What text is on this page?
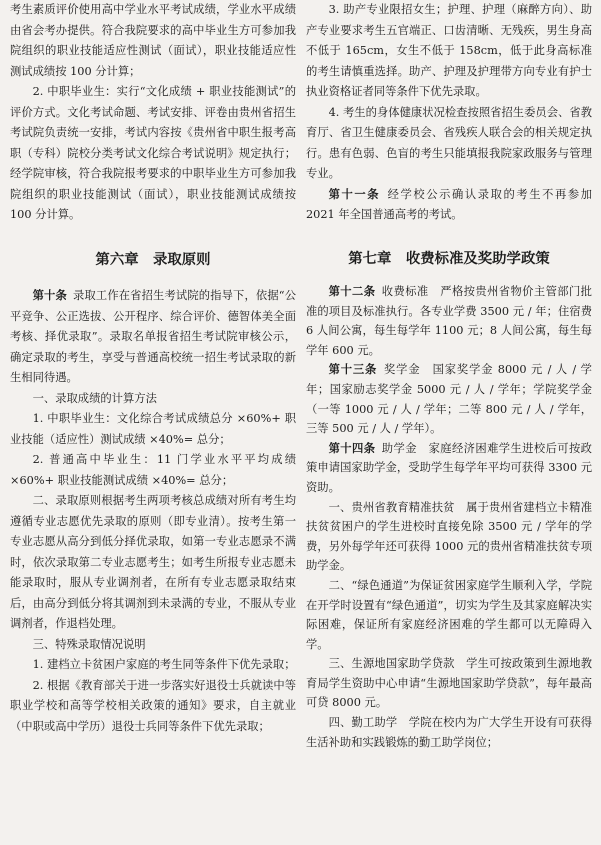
考生素质评价使用高中学业水平考试成绩，学业水平成绩由省会考办提供。符合我院要求的高中毕业生方可参加我院组织的职业技能适应性测试（面试），职业技能适应性测试成绩按 100 分计算；

2. 中职毕业生：实行“文化成绩 + 职业技能测试”的评价方式。文化考试命题、考试安排、评卷由贵州省招生考试院负责统一安排，考试内容按《贵州省中职生报考高职（专科）院校分类考试文化综合考试说明》规定执行；经学院审核，符合我院报考要求的中职毕业生方可参加我院组织的职业技能测试（面试），职业技能测试成绩按 100 分计算。

第六章　录取原则

第十条 录取工作在省招生考试院的指导下，依据“公平竞争、公正选拔、公开程序、综合评价、德智体美全面考核、择优录取”。录取名单报省招生考试院审核公示，确定录取的考生，享受与普通高校统一招生考试录取的新生相同待遇。

一、录取成绩的计算方法

1. 中职毕业生：文化综合考试成绩总分 ×60%+ 职业技能（适应性）测试成绩 ×40%= 总分；

2. 普通高中毕业生：11 门学业水平平均成绩 ×60%+ 职业技能测试成绩 ×40%= 总分；

二、录取原则根据考生两项考核总成绩对所有考生均遵循专业志愿优先录取的原则（即专业清）。按考生第一专业志愿从高分到低分择优录取，如第一专业志愿录不满时，依次录取第二专业志愿考生；如考生所报专业志愿未能录取时，服从专业调剂者，在所有专业志愿录取结束后，由高分到低分将其调剂到未录满的专业，不服从专业调剂者，作退档处理。

三、特殊录取情况说明

1. 建档立卡贫困户家庭的考生同等条件下优先录取；

2. 根据《教育部关于进一步落实好退役士兵就读中等职业学校和高等学校相关政策的通知》要求，自主就业（中职或高中学历）退役士兵同等条件下优先录取；

3. 助产专业限招女生；护理、护理（麻醉方向）、助产专业要求考生五官端正、口齿清晰、无残疾，男生身高不低于 165cm，女生不低于 158cm，低于此身高标准的考生请慎重选择。助产、护理及护理带方向专业有护士执业资格证者同等条件下优先录取。

4. 考生的身体健康状况检查按照省招生委员会、省教育厅、省卫生健康委员会、省残疾人联合会的相关规定执行。患有色弱、色盲的考生只能填报我院家政服务与管理专业。

第十一条 经学校公示确认录取的考生不再参加 2021 年全国普通高考的考试。

第七章　收费标准及奖助学政策

第十二条 收费标准　严格按贵州省物价主管部门批准的项目及标准执行。各专业学费 3500 元 / 年；住宿费 6 人间公寓，每生每学年 1100 元；8 人间公寓，每生每学年 600 元。

第十三条 奖学金　国家奖学金 8000 元 / 人 / 学年；国家励志奖学金 5000 元 / 人 / 学年；学院奖学金（一等 1000 元 / 人 / 学年；二等 800 元 / 人 / 学年，三等 500 元 / 人 / 学年）。

第十四条 助学金　家庭经济困难学生进校后可按政策申请国家助学金，受助学生每学年平均可获得 3300 元资助。

一、贵州省教育精准扶贫　属于贵州省建档立卡精准扶贫贫困户的学生进校时直接免除 3500 元 / 学年的学费，另外每学年还可获得 1000 元的贵州省精准扶贫专项助学金。

二、“绿色通道”为保证贫困家庭学生顺利入学，学院在开学时设置有“绿色通道”，切实为学生及其家庭解决实际困难，保证所有家庭经济困难的学生都可以无障碍入学。

三、生源地国家助学贷款　学生可按政策到生源地教育局学生资助中心申请“生源地国家助学贷款”，每年最高可贷 8000 元。

四、勤工助学　学院在校内为广大学生开设有可获得生活补助和实践锻炼的勤工助学岗位；
